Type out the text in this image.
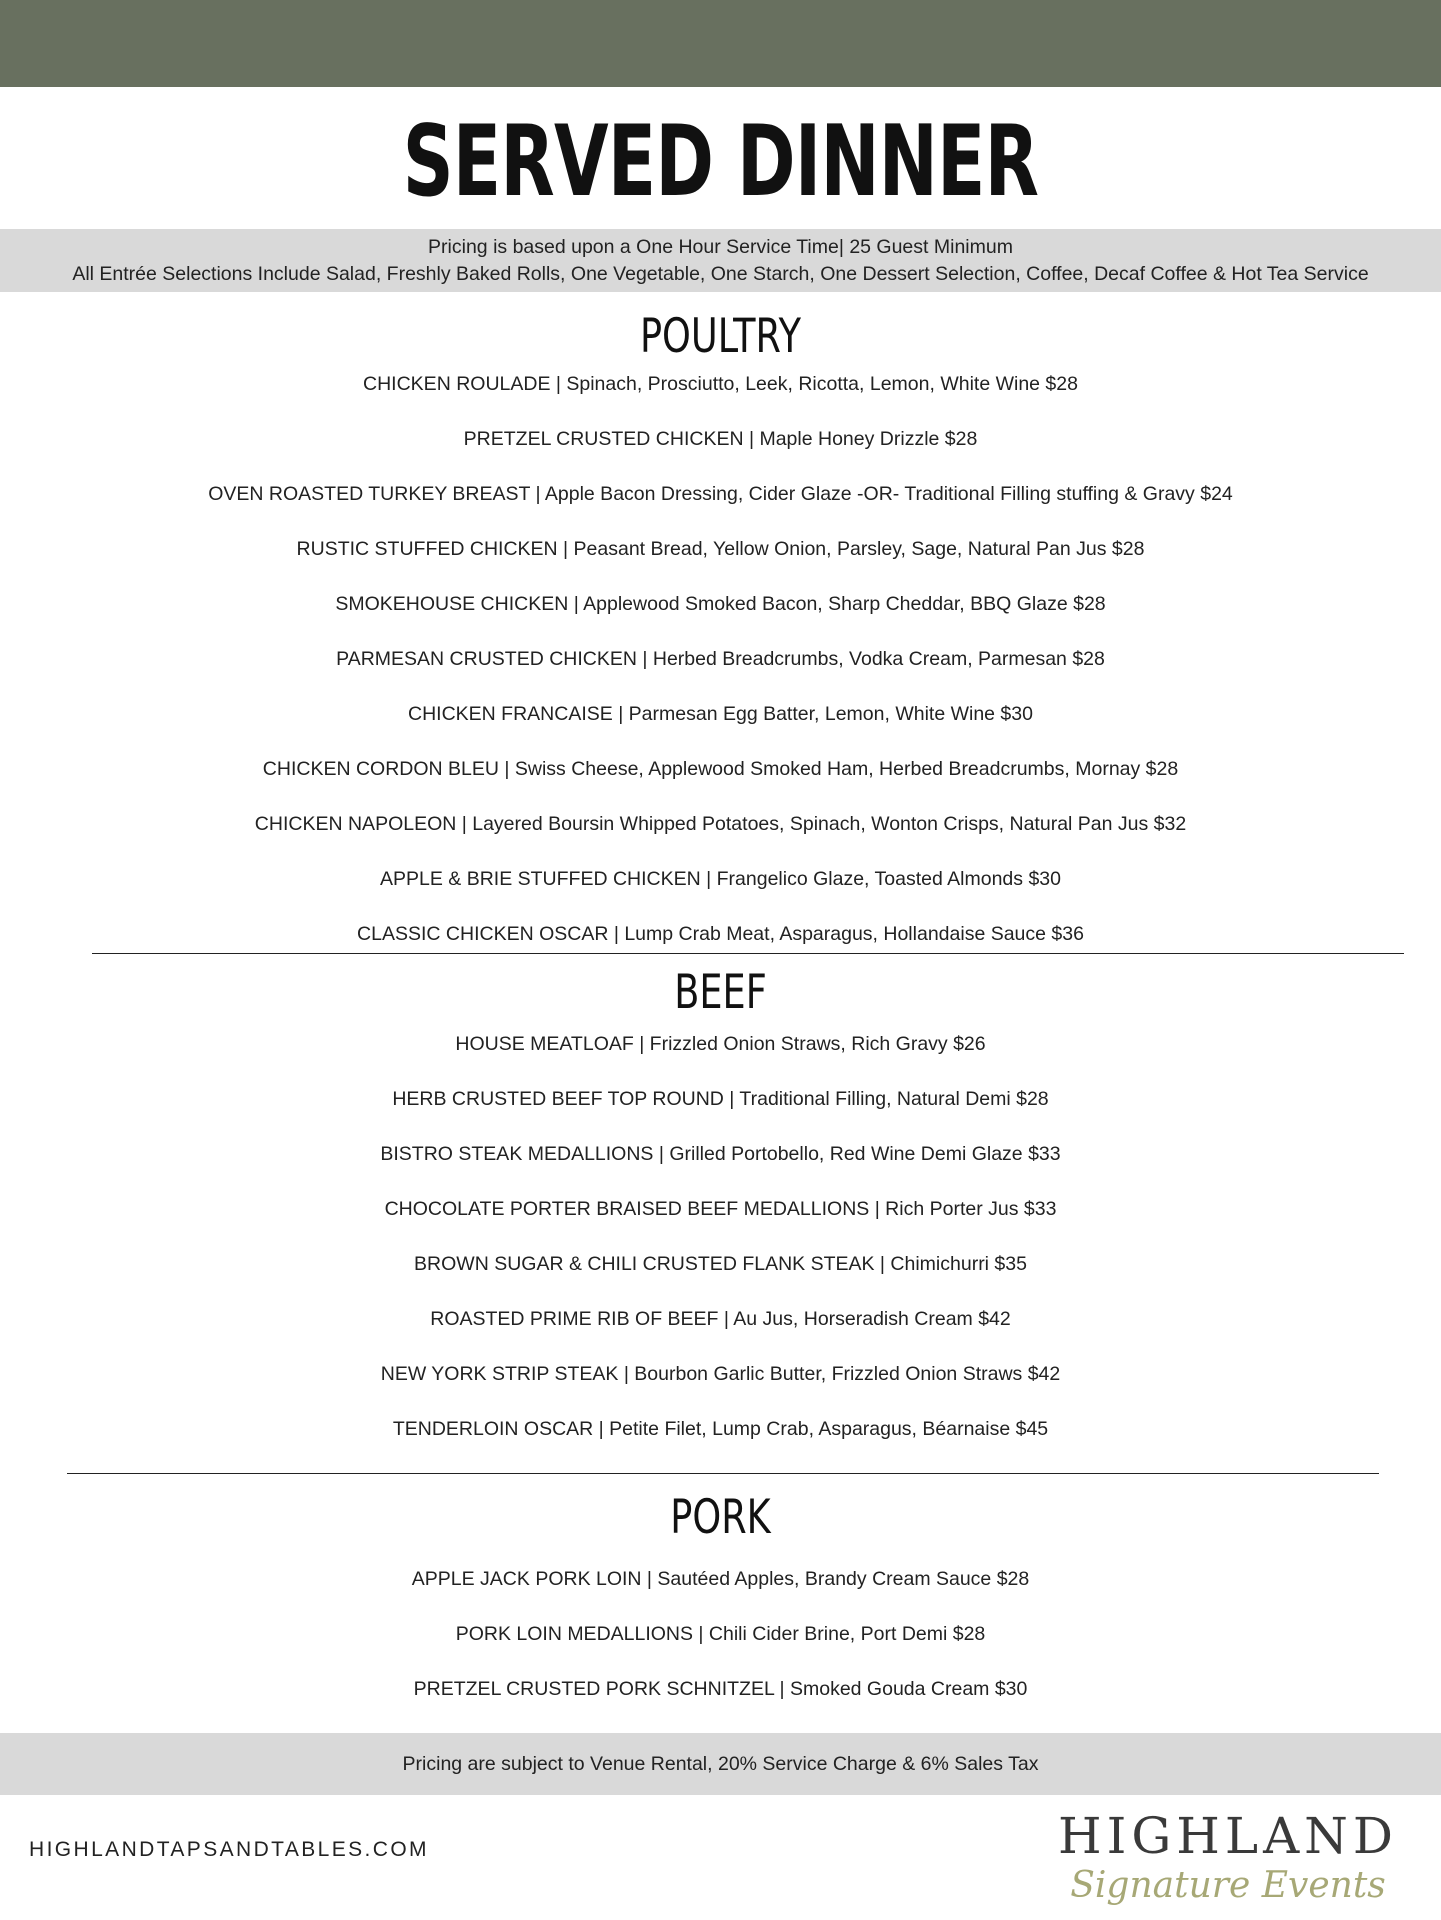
SERVED DINNER
Pricing is based upon a One Hour Service Time| 25 Guest Minimum
All Entrée Selections Include Salad, Freshly Baked Rolls, One Vegetable, One Starch, One Dessert Selection, Coffee, Decaf Coffee & Hot Tea Service
POULTRY
CHICKEN ROULADE | Spinach, Prosciutto, Leek, Ricotta, Lemon, White Wine $28
PRETZEL CRUSTED CHICKEN | Maple Honey Drizzle $28
OVEN ROASTED TURKEY BREAST | Apple Bacon Dressing, Cider Glaze -OR- Traditional Filling stuffing & Gravy $24
RUSTIC STUFFED CHICKEN | Peasant Bread, Yellow Onion, Parsley, Sage, Natural Pan Jus $28
SMOKEHOUSE CHICKEN | Applewood Smoked Bacon, Sharp Cheddar, BBQ Glaze $28
PARMESAN CRUSTED CHICKEN | Herbed Breadcrumbs, Vodka Cream, Parmesan $28
CHICKEN FRANCAISE | Parmesan Egg Batter, Lemon, White Wine $30
CHICKEN CORDON BLEU | Swiss Cheese, Applewood Smoked Ham, Herbed Breadcrumbs, Mornay $28
CHICKEN NAPOLEON | Layered Boursin Whipped Potatoes, Spinach, Wonton Crisps, Natural Pan Jus $32
APPLE & BRIE STUFFED CHICKEN | Frangelico Glaze, Toasted Almonds $30
CLASSIC CHICKEN OSCAR | Lump Crab Meat, Asparagus, Hollandaise Sauce $36
BEEF
HOUSE MEATLOAF | Frizzled Onion Straws, Rich Gravy $26
HERB CRUSTED BEEF TOP ROUND | Traditional Filling, Natural Demi $28
BISTRO STEAK MEDALLIONS | Grilled Portobello, Red Wine Demi Glaze $33
CHOCOLATE PORTER BRAISED BEEF MEDALLIONS | Rich Porter Jus $33
BROWN SUGAR & CHILI CRUSTED FLANK STEAK | Chimichurri $35
ROASTED PRIME RIB OF BEEF | Au Jus, Horseradish Cream $42
NEW YORK STRIP STEAK | Bourbon Garlic Butter, Frizzled Onion Straws $42
TENDERLOIN OSCAR | Petite Filet, Lump Crab, Asparagus, Béarnaise $45
PORK
APPLE JACK PORK LOIN | Sautéed Apples, Brandy Cream Sauce $28
PORK LOIN MEDALLIONS | Chili Cider Brine, Port Demi $28
PRETZEL CRUSTED PORK SCHNITZEL | Smoked Gouda Cream $30
Pricing are subject to Venue Rental, 20% Service Charge & 6% Sales Tax
HIGHLANDTAPSANDTABLES.COM	HIGHLAND
Signature Events
